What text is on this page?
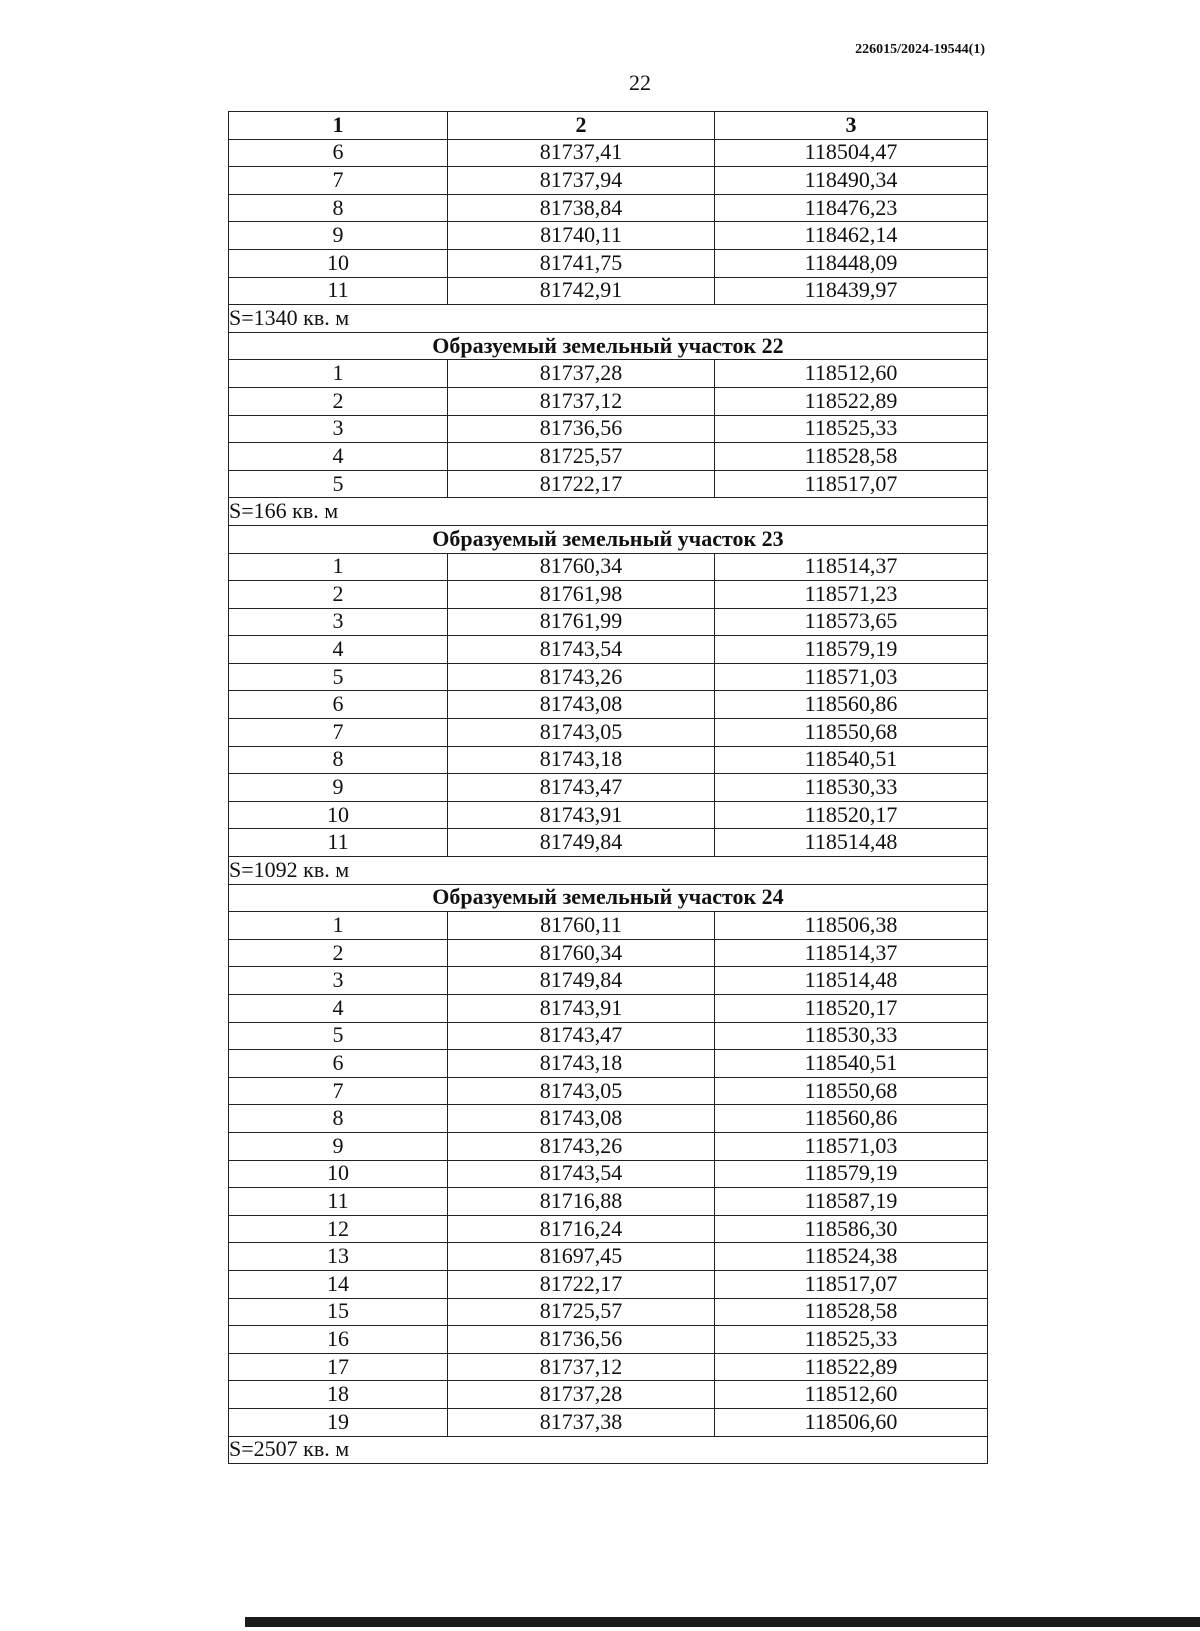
226015/2024-19544(1)
22
1	2	3
6	81737,41	118504,47
7	81737,94	118490,34
8	81738,84	118476,23
9	81740,11	118462,14
10	81741,75	118448,09
11	81742,91	118439,97
S=1340 кв. м		
Образуемый земельный участок 22		
1	81737,28	118512,60
2	81737,12	118522,89
3	81736,56	118525,33
4	81725,57	118528,58
5	81722,17	118517,07
S=166 кв. м		
Образуемый земельный участок 23		
1	81760,34	118514,37
2	81761,98	118571,23
3	81761,99	118573,65
4	81743,54	118579,19
5	81743,26	118571,03
6	81743,08	118560,86
7	81743,05	118550,68
8	81743,18	118540,51
9	81743,47	118530,33
10	81743,91	118520,17
11	81749,84	118514,48
S=1092 кв. м		
Образуемый земельный участок 24		
1	81760,11	118506,38
2	81760,34	118514,37
3	81749,84	118514,48
4	81743,91	118520,17
5	81743,47	118530,33
6	81743,18	118540,51
7	81743,05	118550,68
8	81743,08	118560,86
9	81743,26	118571,03
10	81743,54	118579,19
11	81716,88	118587,19
12	81716,24	118586,30
13	81697,45	118524,38
14	81722,17	118517,07
15	81725,57	118528,58
16	81736,56	118525,33
17	81737,12	118522,89
18	81737,28	118512,60
19	81737,38	118506,60
S=2507 кв. м		
